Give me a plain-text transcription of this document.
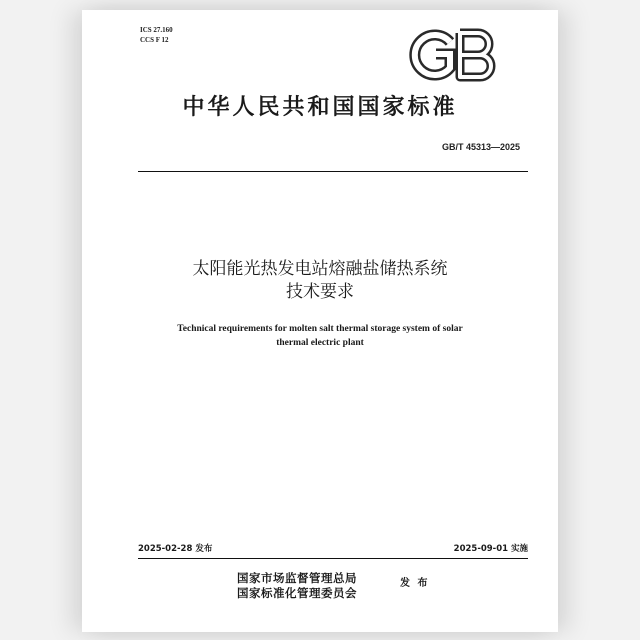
ICS 27.160
CCS F 12
中华人民共和国国家标准
GB/T 45313—2025
太阳能光热发电站熔融盐储热系统
技术要求
Technical requirements for molten salt thermal storage system of solar
thermal electric plant
2025-02-28 发布	2025-09-01 实施
国家市场监督管理总局
国家标准化管理委员会
发 布
